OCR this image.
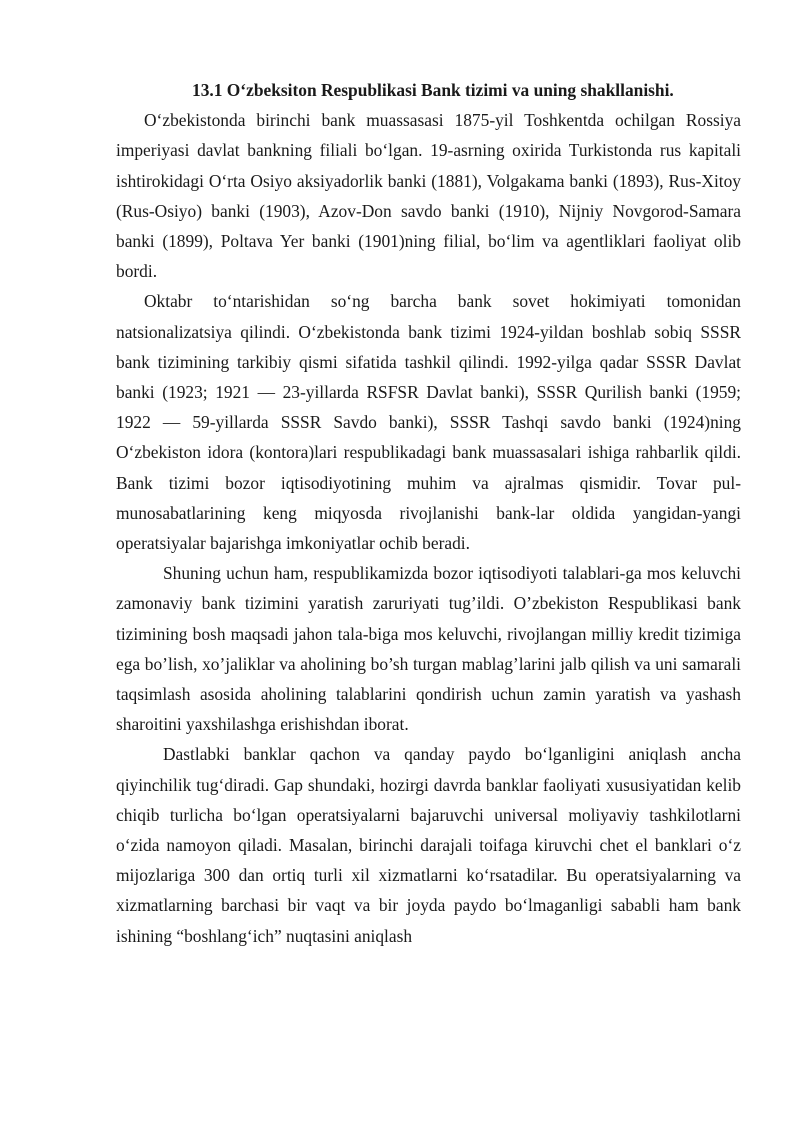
13.1 O‘zbeksiton Respublikasi Bank tizimi va uning shakllanishi.

O‘zbekistonda birinchi bank muassasasi 1875-yil Toshkentda ochilgan Rossiya imperiyasi davlat bankning filiali bo‘lgan. 19-asrning oxirida Turkistonda rus kapitali ishtirokidagi O‘rta Osiyo aksiyadorlik banki (1881), Volgakama banki (1893), Rus-Xitoy (Rus-Osiyo) banki (1903), Azov-Don savdo banki (1910), Nijniy Novgorod-Samara banki (1899), Poltava Yer banki (1901)ning filial, bo‘lim va agentliklari faoliyat olib bordi.

Oktabr to‘ntarishidan so‘ng barcha bank sovet hokimiyati tomonidan natsionalizatsiya qilindi. O‘zbekistonda bank tizimi 1924-yildan boshlab sobiq SSSR bank tizimining tarkibiy qismi sifatida tashkil qilindi. 1992-yilga qadar SSSR Davlat banki (1923; 1921 — 23-yillarda RSFSR Davlat banki), SSSR Qurilish banki (1959; 1922 — 59-yillarda SSSR Savdo banki), SSSR Tashqi savdo banki (1924)ning O‘zbekiston idora (kontora)lari respublikadagi bank muassasalari ishiga rahbarlik qildi. Bank tizimi bozor iqtisodiyotining muhim va ajralmas qismidir. Tovar pul-munosabatlarining keng miqyosda rivojlanishi bank-lar oldida yangidan-yangi operatsiyalar bajarishga imkoniyatlar ochib beradi.

Shuning uchun ham, respublikamizda bozor iqtisodiyoti talablari-ga mos keluvchi zamonaviy bank tizimini yaratish zaruriyati tug’ildi. O’zbekiston Respublikasi bank tizimining bosh maqsadi jahon tala-biga mos keluvchi, rivojlangan milliy kredit tizimiga ega bo’lish, xo’jaliklar va aholining bo’sh turgan mablag’larini jalb qilish va uni samarali taqsimlash asosida aholining talablarini qondirish uchun zamin yaratish va yashash sharoitini yaxshilashga erishishdan iborat.

Dastlabki banklar qachon va qanday paydo bo‘lganligini aniqlash ancha qiyinchilik tug‘diradi. Gap shundaki, hozirgi davrda banklar faoliyati xususiyatidan kelib chiqib turlicha bo‘lgan operatsiyalarni bajaruvchi universal moliyaviy tashkilotlarni o‘zida namoyon qiladi. Masalan, birinchi darajali toifaga kiruvchi chet el banklari o‘z mijozlariga 300 dan ortiq turli xil xizmatlarni ko‘rsatadilar. Bu operatsiyalarning va xizmatlarning barchasi bir vaqt va bir joyda paydo bo‘lmaganligi sababli ham bank ishining “boshlang‘ich” nuqtasini aniqlash
